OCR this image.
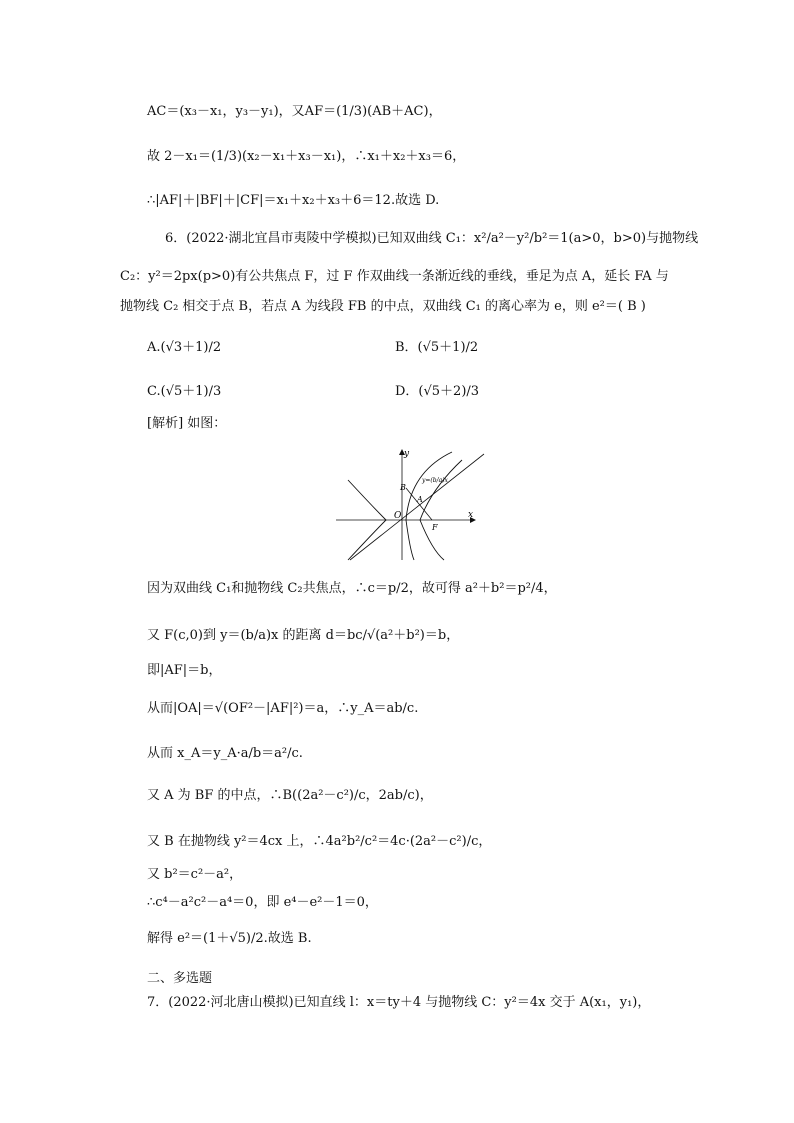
AC＝(x₃－x₁，y₃－y₁)，又AF＝(1/3)(AB＋AC)，
故 2－x₁＝(1/3)(x₂－x₁＋x₃－x₁)，∴x₁＋x₂＋x₃＝6，
∴|AF|＋|BF|＋|CF|＝x₁＋x₂＋x₃＋6＝12.故选 D.
6．(2022·湖北宜昌市夷陵中学模拟)已知双曲线 C₁：x²/a²－y²/b²＝1(a>0，b>0)与抛物线
C₂：y²＝2px(p>0)有公共焦点 F，过 F 作双曲线一条渐近线的垂线，垂足为点 A，延长 FA 与
抛物线 C₂ 相交于点 B，若点 A 为线段 FB 的中点，双曲线 C₁ 的离心率为 e，则 e²＝( B )
A.(√3＋1)/2	B．(√5＋1)/2
C.(√5＋1)/3	D．(√5＋2)/3
[解析] 如图：
y
x
O
F
A
B
y=(b/a)x
因为双曲线 C₁和抛物线 C₂共焦点，∴c＝p/2，故可得 a²＋b²＝p²/4，
又 F(c,0)到 y＝(b/a)x 的距离 d＝bc/√(a²＋b²)＝b，
即|AF|＝b，
从而|OA|＝√(OF²－|AF|²)＝a，∴y_A＝ab/c.
从而 x_A＝y_A·a/b＝a²/c.
又 A 为 BF 的中点，∴B((2a²－c²)/c，2ab/c)，
又 B 在抛物线 y²＝4cx 上，∴4a²b²/c²＝4c·(2a²－c²)/c，
又 b²＝c²－a²，
∴c⁴－a²c²－a⁴＝0，即 e⁴－e²－1＝0，
解得 e²＝(1＋√5)/2.故选 B.
二、多选题
7．(2022·河北唐山模拟)已知直线 l：x＝ty＋4 与抛物线 C：y²＝4x 交于 A(x₁，y₁)，
